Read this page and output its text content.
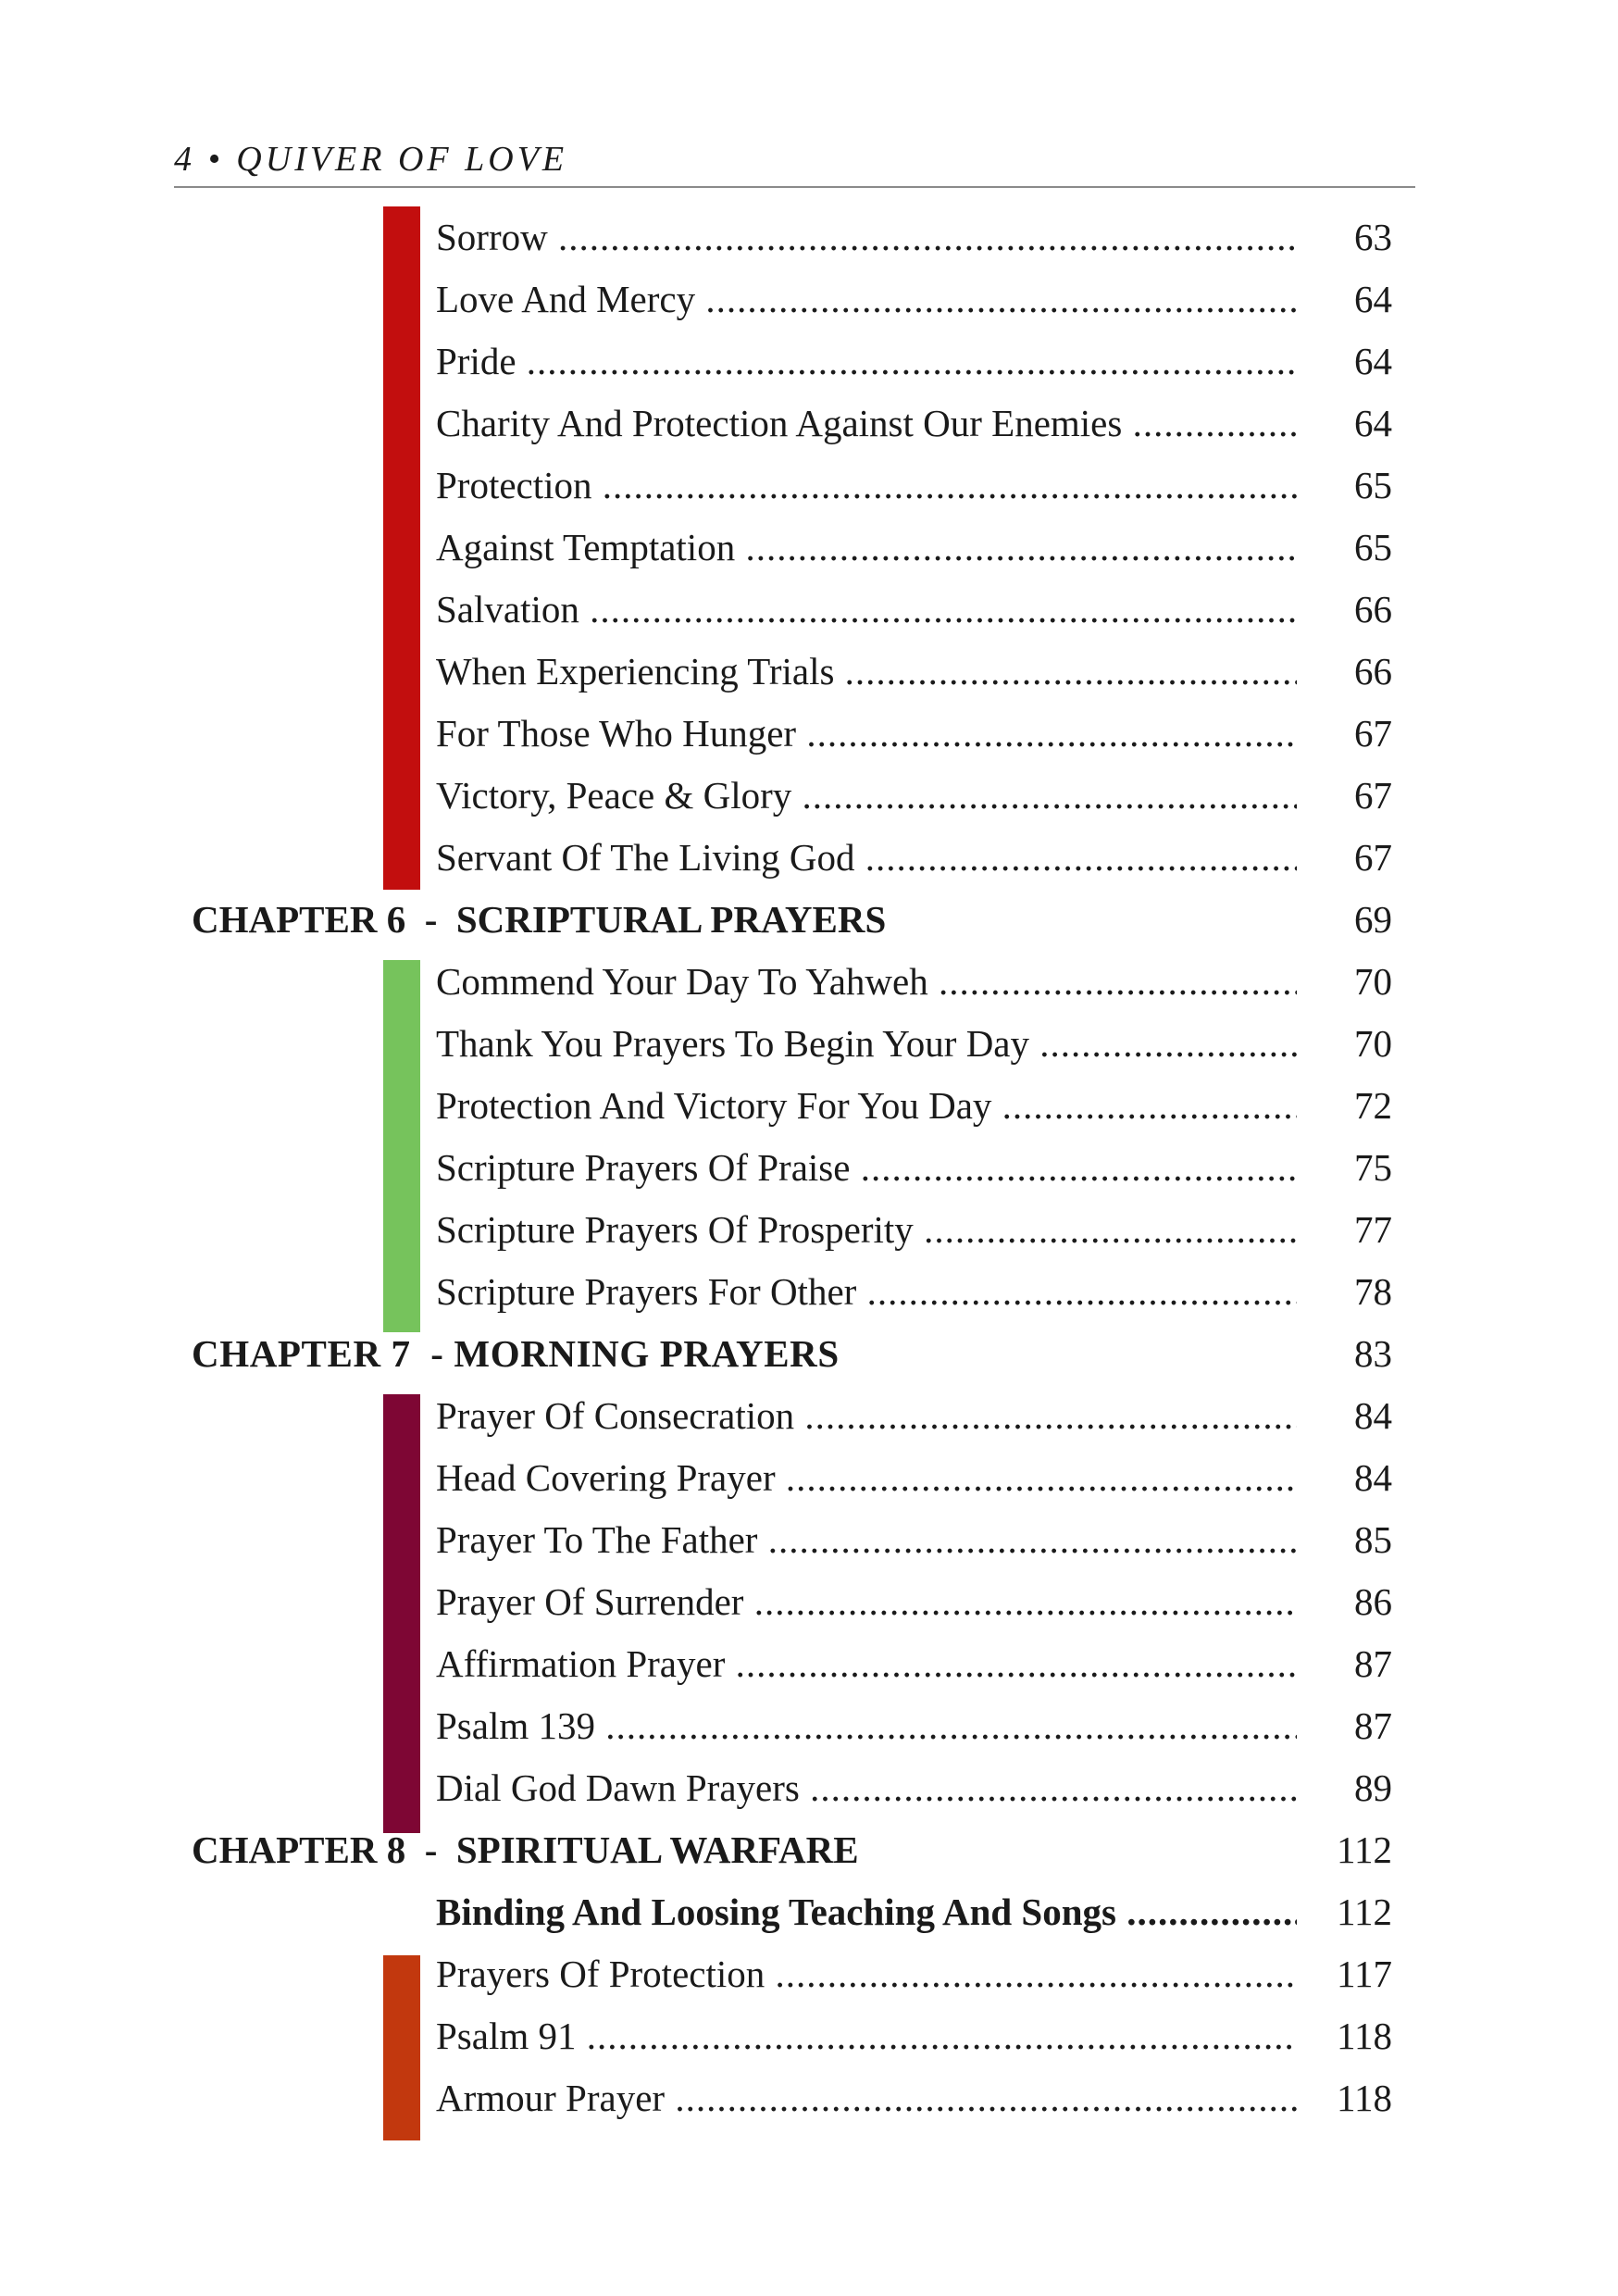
4 • QUIVER OF LOVE
Sorrow .....	63
Love And Mercy .....	64
Pride .....	64
Charity And Protection Against Our Enemies .....	64
Protection .....	65
Against Temptation .....	65
Salvation .....	66
When Experiencing Trials .....	66
For Those Who Hunger .....	67
Victory, Peace & Glory .....	67
Servant Of The Living God .....	67
CHAPTER 6  -  SCRIPTURAL PRAYERS	69
Commend Your Day To Yahweh .....	70
Thank You Prayers To Begin Your Day .....	70
Protection And Victory For You Day .....	72
Scripture Prayers Of Praise .....	75
Scripture Prayers Of Prosperity .....	77
Scripture Prayers For Other .....	78
CHAPTER 7  - MORNING PRAYERS	83
Prayer Of Consecration .....	84
Head Covering Prayer .....	84
Prayer To The Father .....	85
Prayer Of Surrender .....	86
Affirmation Prayer .....	87
Psalm 139 .....	87
Dial God Dawn Prayers .....	89
CHAPTER 8  -  SPIRITUAL WARFARE	112
Binding And Loosing Teaching And Songs .....	112
Prayers Of Protection .....	117
Psalm 91 .....	118
Armour Prayer .....	118
